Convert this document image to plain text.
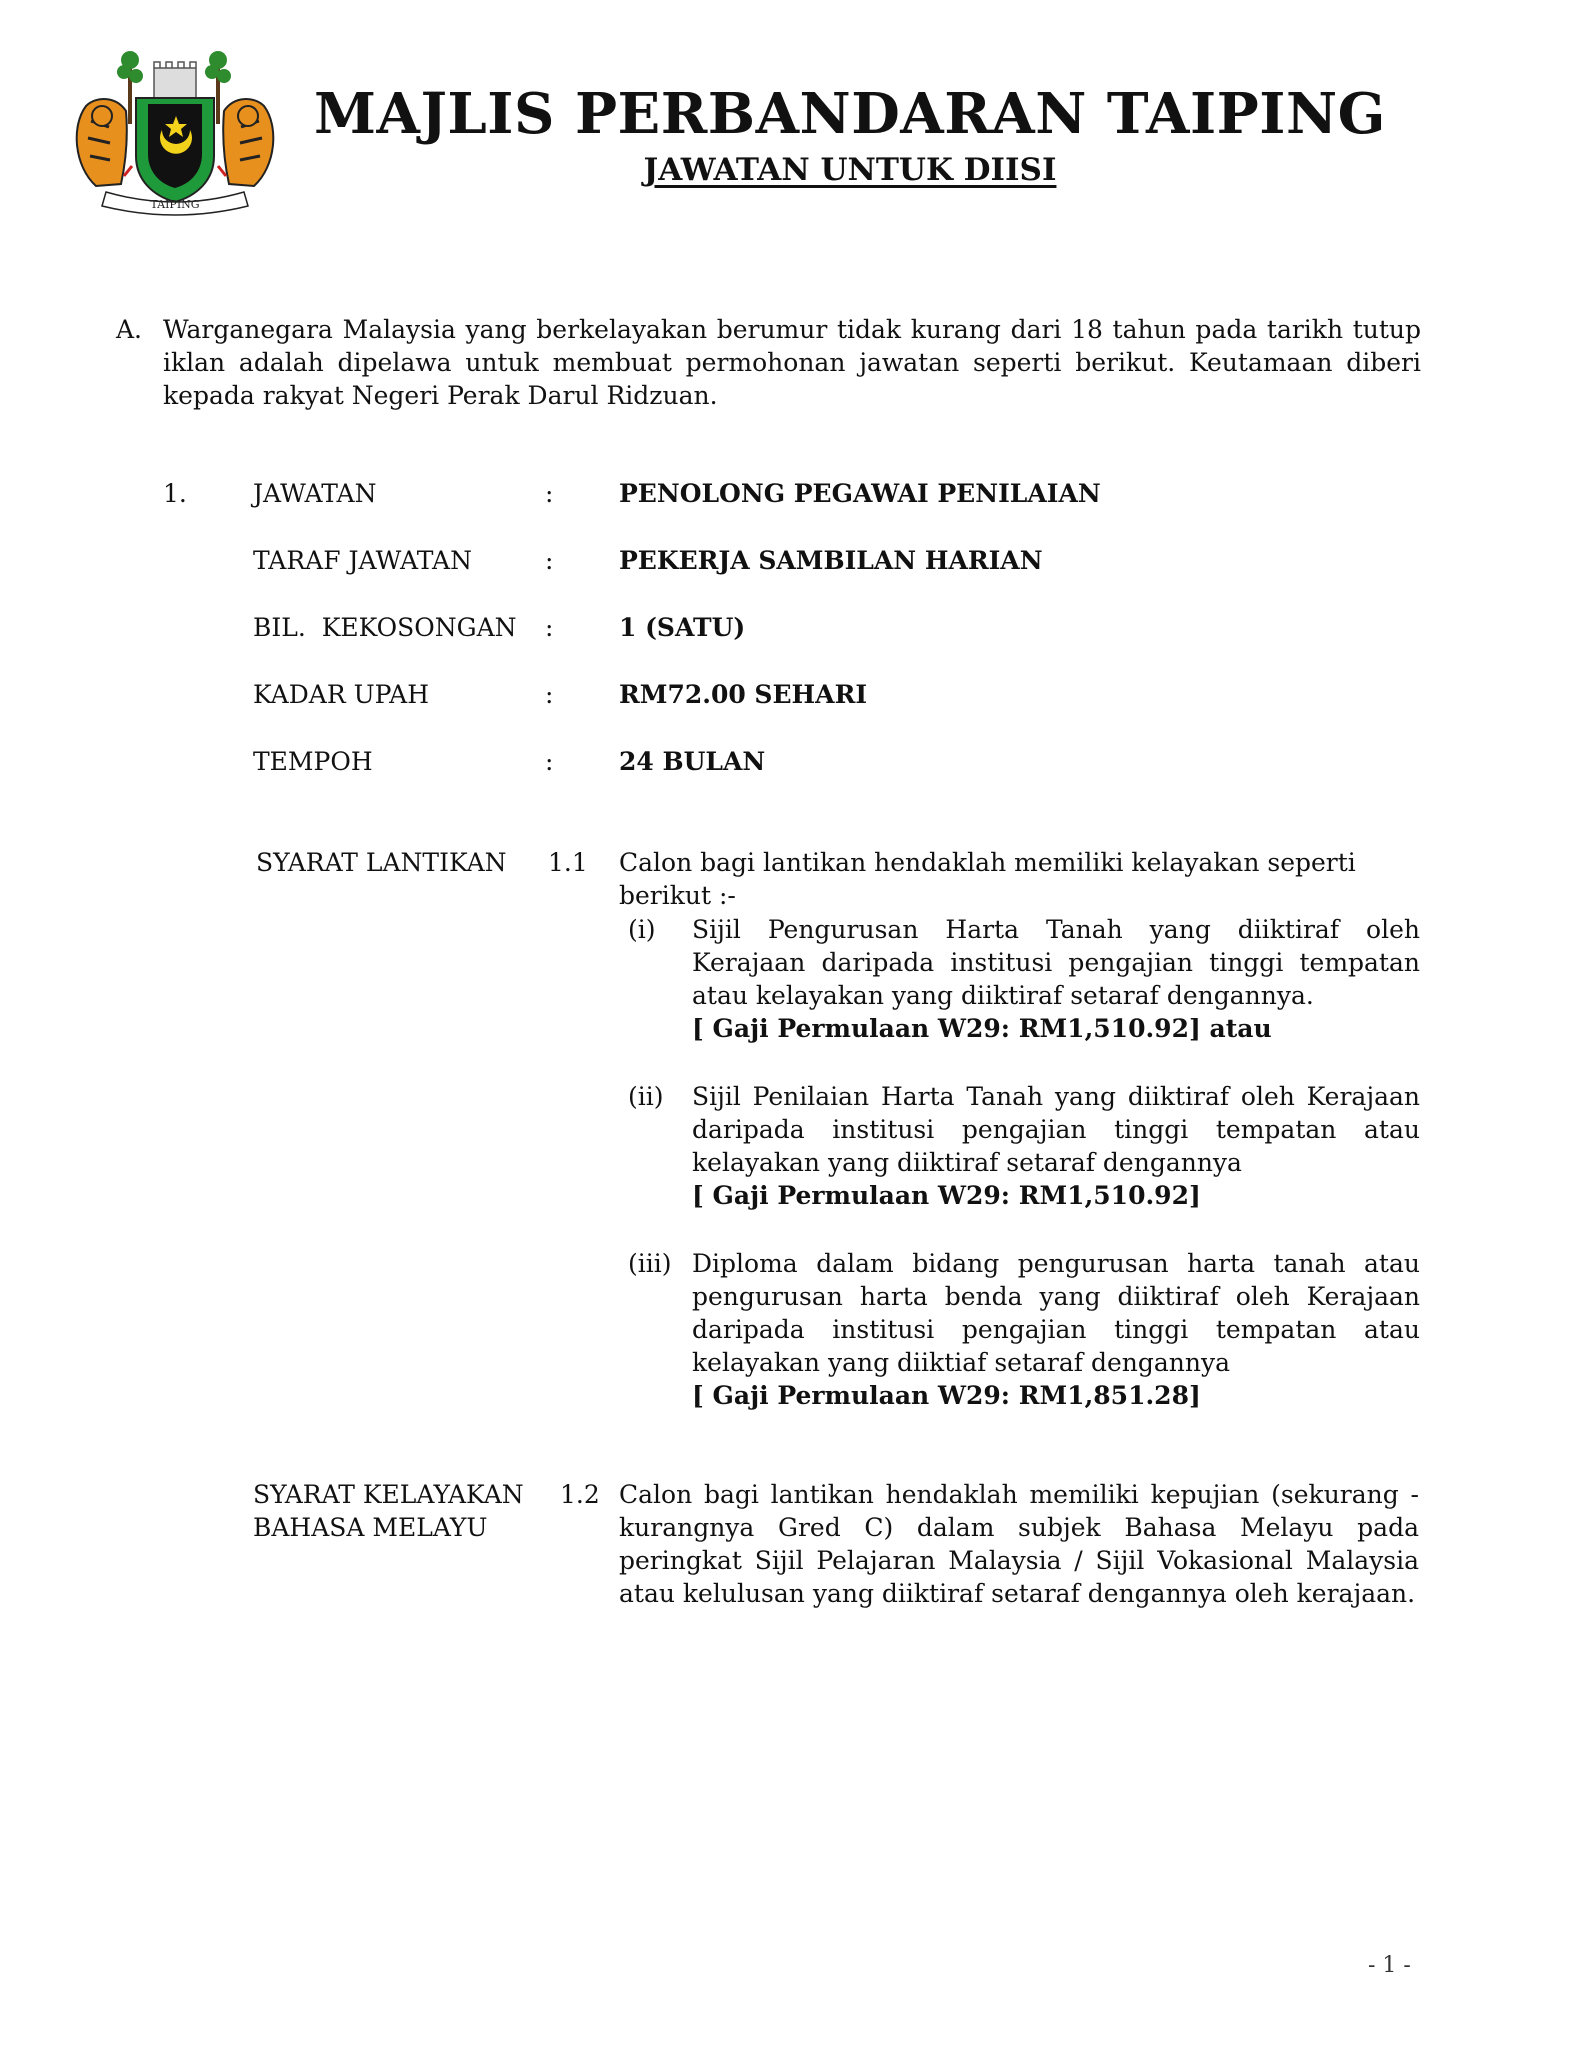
TAIPING
MAJLIS PERBANDARAN TAIPING
JAWATAN UNTUK DIISI
A. Warganegara Malaysia yang berkelayakan berumur tidak kurang dari 18 tahun pada tarikh tutup iklan adalah dipelawa untuk membuat permohonan jawatan seperti berikut. Keutamaan diberi kepada rakyat Negeri Perak Darul Ridzuan.
1.	JAWATAN	:	PENOLONG PEGAWAI PENILAIAN
TARAF JAWATAN	:	PEKERJA SAMBILAN HARIAN
BIL.  KEKOSONGAN :	1 (SATU)
KADAR UPAH	:	RM72.00 SEHARI
TEMPOH	:	24 BULAN
SYARAT LANTIKAN	1.1 Calon bagi lantikan hendaklah memiliki kelayakan seperti berikut :-
(i) Sijil Pengurusan Harta Tanah yang diiktiraf oleh Kerajaan daripada institusi pengajian tinggi tempatan atau kelayakan yang diiktiraf setaraf dengannya.
[ Gaji Permulaan W29: RM1,510.92] atau
(ii) Sijil Penilaian Harta Tanah yang diiktiraf oleh Kerajaan daripada institusi pengajian tinggi tempatan atau kelayakan yang diiktiraf setaraf dengannya
[ Gaji Permulaan W29: RM1,510.92]
(iii) Diploma dalam bidang pengurusan harta tanah atau pengurusan harta benda yang diiktiraf oleh Kerajaan daripada institusi pengajian tinggi tempatan atau kelayakan yang diiktiaf setaraf dengannya
[ Gaji Permulaan W29: RM1,851.28]
SYARAT KELAYAKAN
BAHASA MELAYU
1.2 Calon bagi lantikan hendaklah memiliki kepujian (sekurang - kurangnya Gred C) dalam subjek Bahasa Melayu pada peringkat Sijil Pelajaran Malaysia / Sijil Vokasional Malaysia atau kelulusan yang diiktiraf setaraf dengannya oleh kerajaan.
- 1 -
